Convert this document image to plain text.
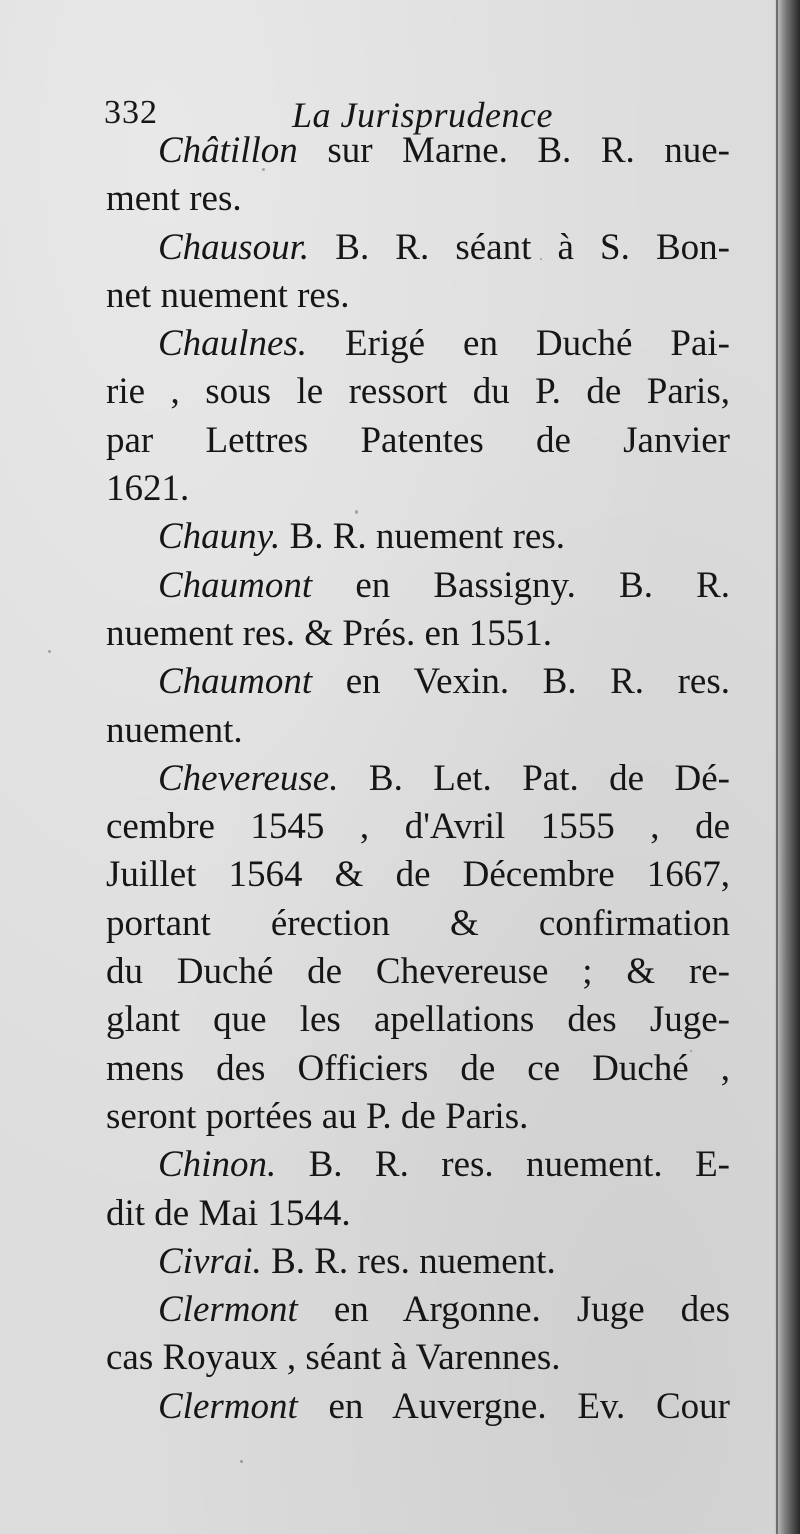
332	La Jurisprudence
Châtillon sur Marne. B. R. nue-
ment res.
Chausour. B. R. séant à S. Bon-
net nuement res.
Chaulnes. Erigé en Duché Pai-
rie , sous le ressort du P. de Paris,
par Lettres Patentes de Janvier
1621.
Chauny. B. R. nuement res.
Chaumont en Bassigny. B. R.
nuement res. & Prés. en 1551.
Chaumont en Vexin. B. R. res.
nuement.
Chevereuse. B. Let. Pat. de Dé-
cembre 1545 , d'Avril 1555 , de
Juillet 1564 & de Décembre 1667,
portant érection & confirmation
du Duché de Chevereuse ; & re-
glant que les apellations des Juge-
mens des Officiers de ce Duché ,
seront portées au P. de Paris.
Chinon. B. R. res. nuement. E-
dit de Mai 1544.
Civrai. B. R. res. nuement.
Clermont en Argonne. Juge des
cas Royaux , séant à Varennes.
Clermont en Auvergne. Ev. Cour
